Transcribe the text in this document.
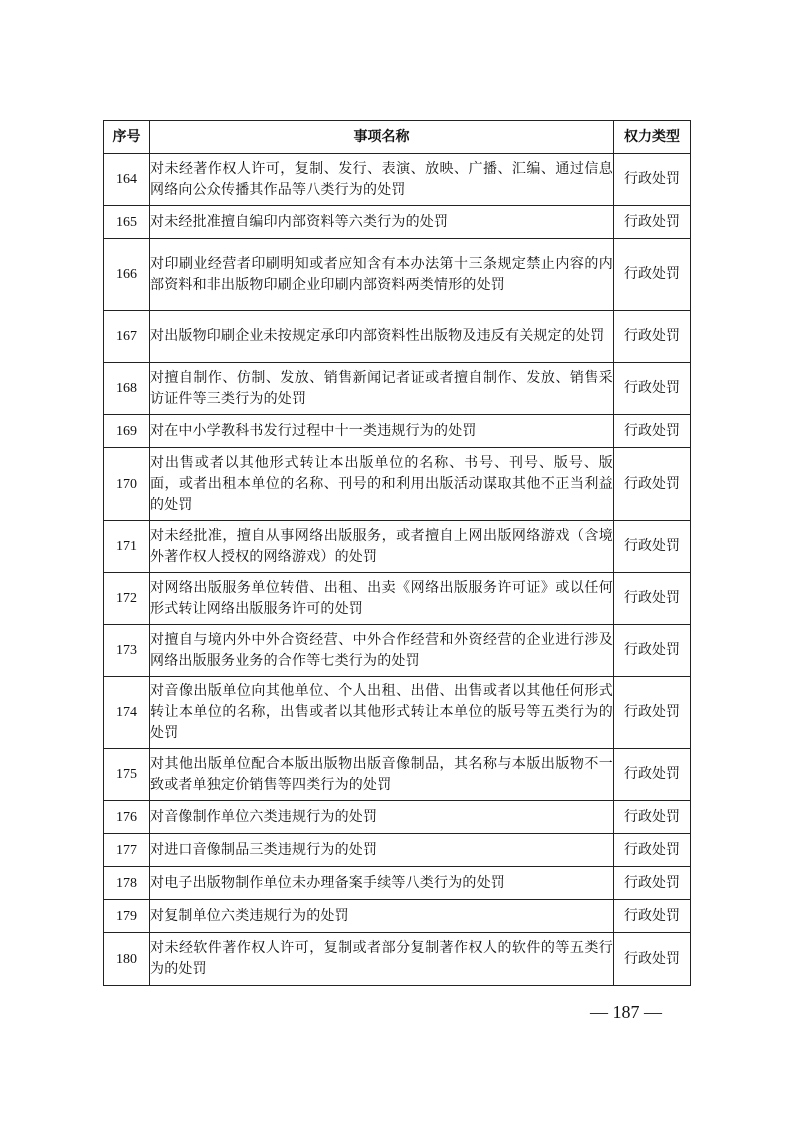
序号	事项名称	权力类型
164	对未经著作权人许可，复制、发行、表演、放映、广播、汇编、通过信息网络向公众传播其作品等八类行为的处罚	行政处罚
165	对未经批准擅自编印内部资料等六类行为的处罚	行政处罚
166	对印刷业经营者印刷明知或者应知含有本办法第十三条规定禁止内容的内部资料和非出版物印刷企业印刷内部资料两类情形的处罚	行政处罚
167	对出版物印刷企业未按规定承印内部资料性出版物及违反有关规定的处罚	行政处罚
168	对擅自制作、仿制、发放、销售新闻记者证或者擅自制作、发放、销售采访证件等三类行为的处罚	行政处罚
169	对在中小学教科书发行过程中十一类违规行为的处罚	行政处罚
170	对出售或者以其他形式转让本出版单位的名称、书号、刊号、版号、版面，或者出租本单位的名称、刊号的和利用出版活动谋取其他不正当利益的处罚	行政处罚
171	对未经批准，擅自从事网络出版服务，或者擅自上网出版网络游戏（含境外著作权人授权的网络游戏）的处罚	行政处罚
172	对网络出版服务单位转借、出租、出卖《网络出版服务许可证》或以任何形式转让网络出版服务许可的处罚	行政处罚
173	对擅自与境内外中外合资经营、中外合作经营和外资经营的企业进行涉及网络出版服务业务的合作等七类行为的处罚	行政处罚
174	对音像出版单位向其他单位、个人出租、出借、出售或者以其他任何形式转让本单位的名称，出售或者以其他形式转让本单位的版号等五类行为的处罚	行政处罚
175	对其他出版单位配合本版出版物出版音像制品，其名称与本版出版物不一致或者单独定价销售等四类行为的处罚	行政处罚
176	对音像制作单位六类违规行为的处罚	行政处罚
177	对进口音像制品三类违规行为的处罚	行政处罚
178	对电子出版物制作单位未办理备案手续等八类行为的处罚	行政处罚
179	对复制单位六类违规行为的处罚	行政处罚
180	对未经软件著作权人许可，复制或者部分复制著作权人的软件的等五类行为的处罚	行政处罚
— 187 —
